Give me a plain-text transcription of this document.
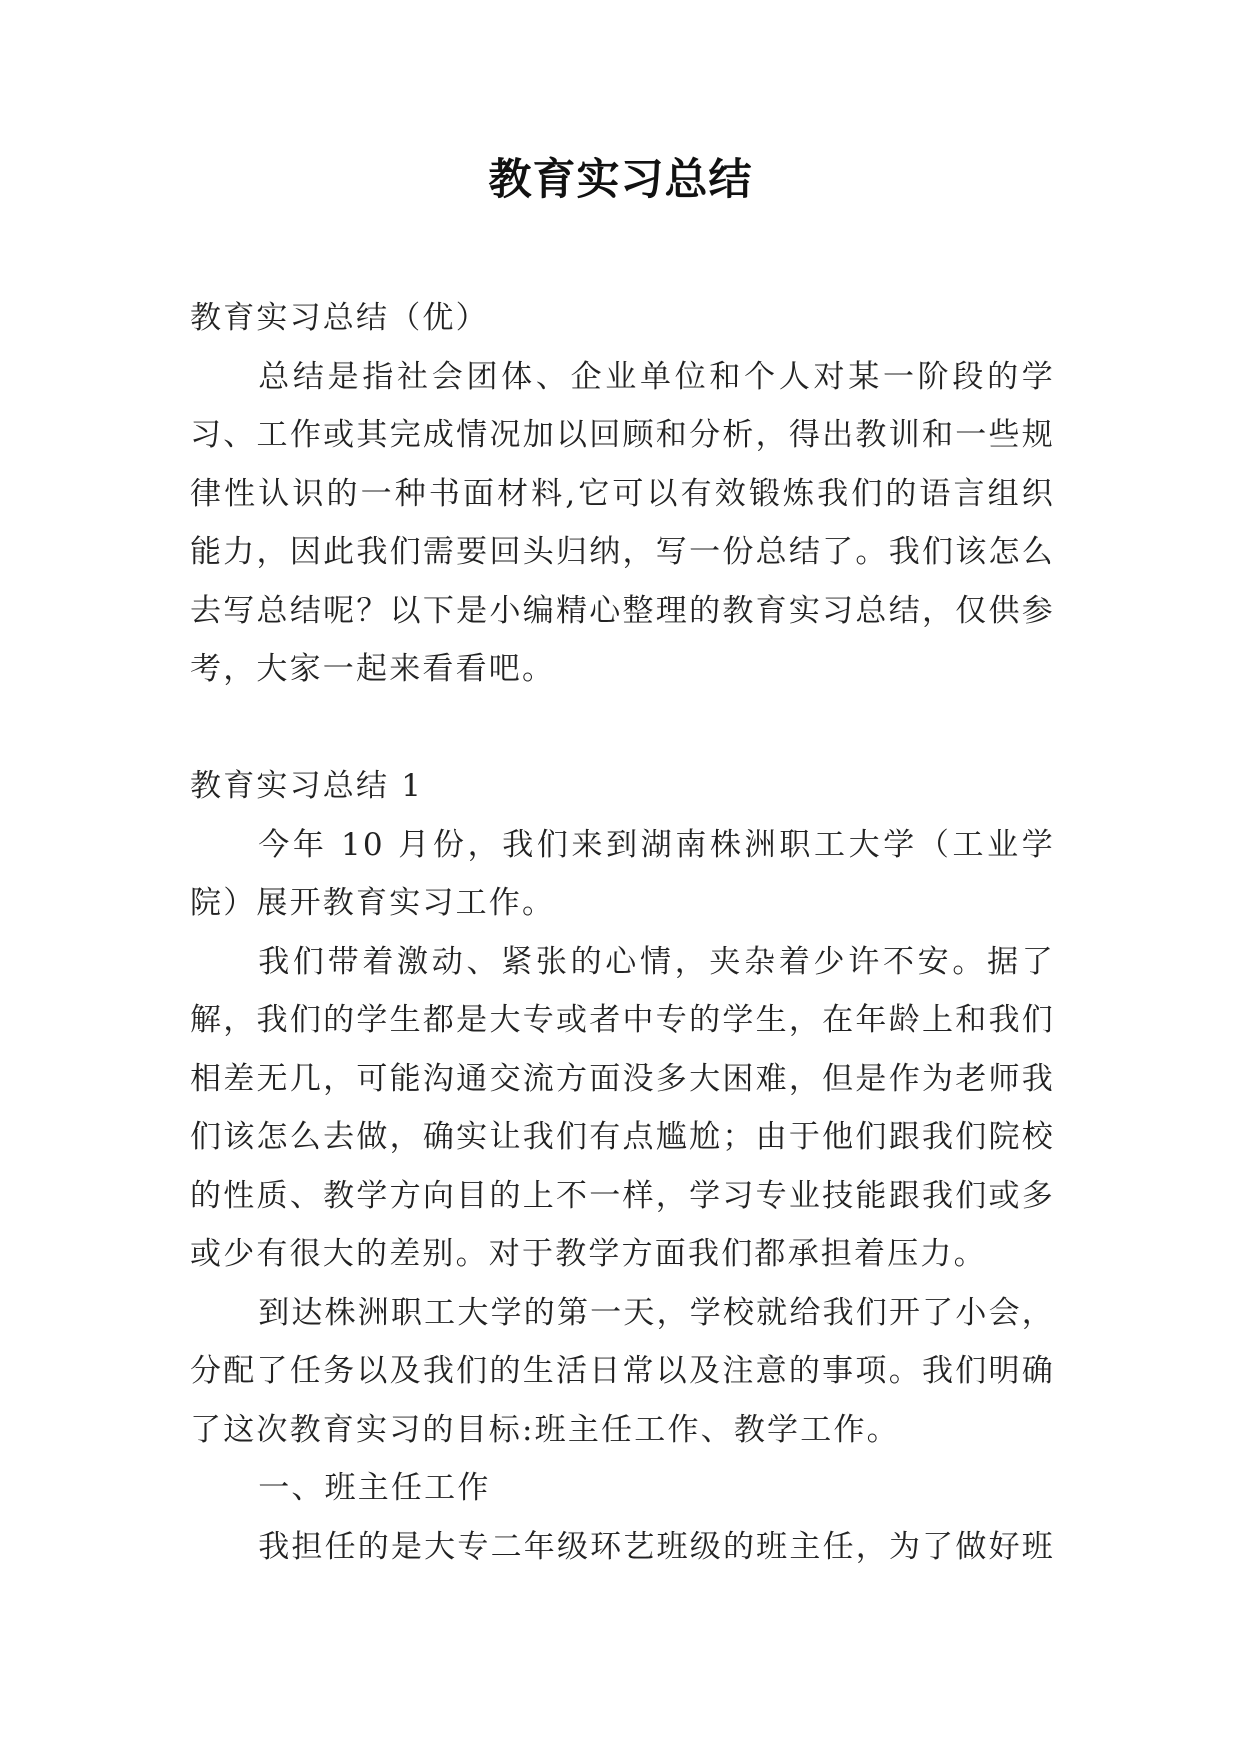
教育实习总结

教育实习总结（优）

总结是指社会团体、企业单位和个人对某一阶段的学习、工作或其完成情况加以回顾和分析，得出教训和一些规律性认识的一种书面材料,它可以有效锻炼我们的语言组织能力，因此我们需要回头归纳，写一份总结了。我们该怎么去写总结呢？以下是小编精心整理的教育实习总结，仅供参考，大家一起来看看吧。

教育实习总结 1

今年 10 月份，我们来到湖南株洲职工大学（工业学院）展开教育实习工作。

我们带着激动、紧张的心情，夹杂着少许不安。据了解，我们的学生都是大专或者中专的学生，在年龄上和我们相差无几，可能沟通交流方面没多大困难，但是作为老师我们该怎么去做，确实让我们有点尴尬；由于他们跟我们院校的性质、教学方向目的上不一样，学习专业技能跟我们或多或少有很大的差别。对于教学方面我们都承担着压力。

到达株洲职工大学的第一天，学校就给我们开了小会，分配了任务以及我们的生活日常以及注意的事项。我们明确了这次教育实习的目标:班主任工作、教学工作。

一、班主任工作

我担任的是大专二年级环艺班级的班主任，为了做好班
